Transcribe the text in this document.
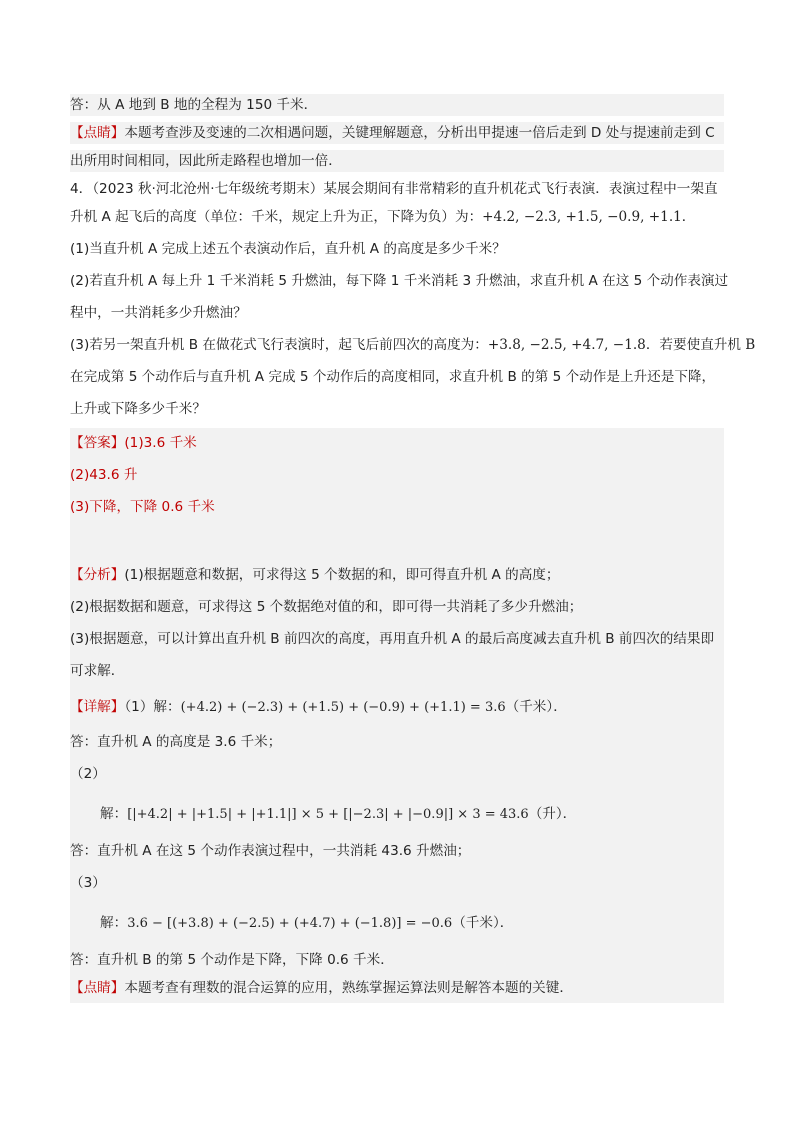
答：从 A 地到 B 地的全程为 150 千米．
【点睛】本题考查涉及变速的二次相遇问题，关键理解题意，分析出甲提速一倍后走到 D 处与提速前走到 C
出所用时间相同，因此所走路程也增加一倍．
4．（2023 秋·河北沧州·七年级统考期末）某展会期间有非常精彩的直升机花式飞行表演．表演过程中一架直
升机 A 起飞后的高度（单位：千米，规定上升为正，下降为负）为：+4.2, −2.3, +1.5, −0.9, +1.1．
(1)当直升机 A 完成上述五个表演动作后，直升机 A 的高度是多少千米？
(2)若直升机 A 每上升 1 千米消耗 5 升燃油，每下降 1 千米消耗 3 升燃油，求直升机 A 在这 5 个动作表演过
程中，一共消耗多少升燃油？
(3)若另一架直升机 B 在做花式飞行表演时，起飞后前四次的高度为：+3.8, −2.5, +4.7, −1.8．若要使直升机 B
在完成第 5 个动作后与直升机 A 完成 5 个动作后的高度相同，求直升机 B 的第 5 个动作是上升还是下降，
上升或下降多少千米？
【答案】(1)3.6 千米
(2)43.6 升
(3)下降，下降 0.6 千米
【分析】(1)根据题意和数据，可求得这 5 个数据的和，即可得直升机 A 的高度；
(2)根据数据和题意，可求得这 5 个数据绝对值的和，即可得一共消耗了多少升燃油；
(3)根据题意，可以计算出直升机 B 前四次的高度，再用直升机 A 的最后高度减去直升机 B 前四次的结果即
可求解．
【详解】（1）解：(+4.2) + (−2.3) + (+1.5) + (−0.9) + (+1.1) = 3.6（千米）．
答：直升机 A 的高度是 3.6 千米；
（2）
解：[|+4.2| + |+1.5| + |+1.1|] × 5 + [|−2.3| + |−0.9|] × 3 = 43.6（升）．
答：直升机 A 在这 5 个动作表演过程中，一共消耗 43.6 升燃油；
（3）
解：3.6 − [(+3.8) + (−2.5) + (+4.7) + (−1.8)] = −0.6（千米）．
答：直升机 B 的第 5 个动作是下降，下降 0.6 千米．
【点睛】本题考查有理数的混合运算的应用，熟练掌握运算法则是解答本题的关键．
